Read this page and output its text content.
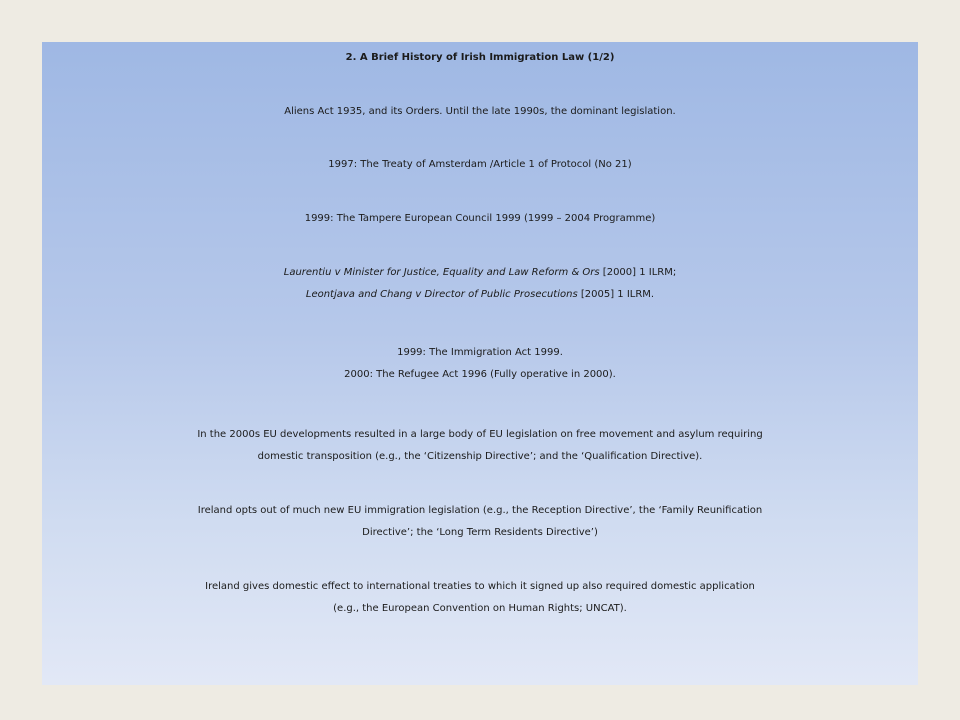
2. A Brief History of Irish Immigration Law (1/2)
Aliens Act 1935, and its Orders. Until the late 1990s, the dominant legislation.
1997: The Treaty of Amsterdam /Article 1 of Protocol (No 21)
1999: The Tampere European Council 1999 (1999 – 2004 Programme)
Laurentiu v Minister for Justice, Equality and Law Reform & Ors [2000] 1 ILRM;
Leontjava and Chang v Director of Public Prosecutions [2005] 1 ILRM.
1999: The Immigration Act 1999.
2000: The Refugee Act 1996 (Fully operative in 2000).
In the 2000s EU developments resulted in a large body of EU legislation on free movement and asylum requiring
domestic transposition (e.g., the ‘Citizenship Directive’; and the ‘Qualification Directive).
Ireland opts out of much new EU immigration legislation (e.g., the Reception Directive’, the ‘Family Reunification
Directive’; the ‘Long Term Residents Directive’)
Ireland gives domestic effect to international treaties to which it signed up also required domestic application
(e.g., the European Convention on Human Rights; UNCAT).
